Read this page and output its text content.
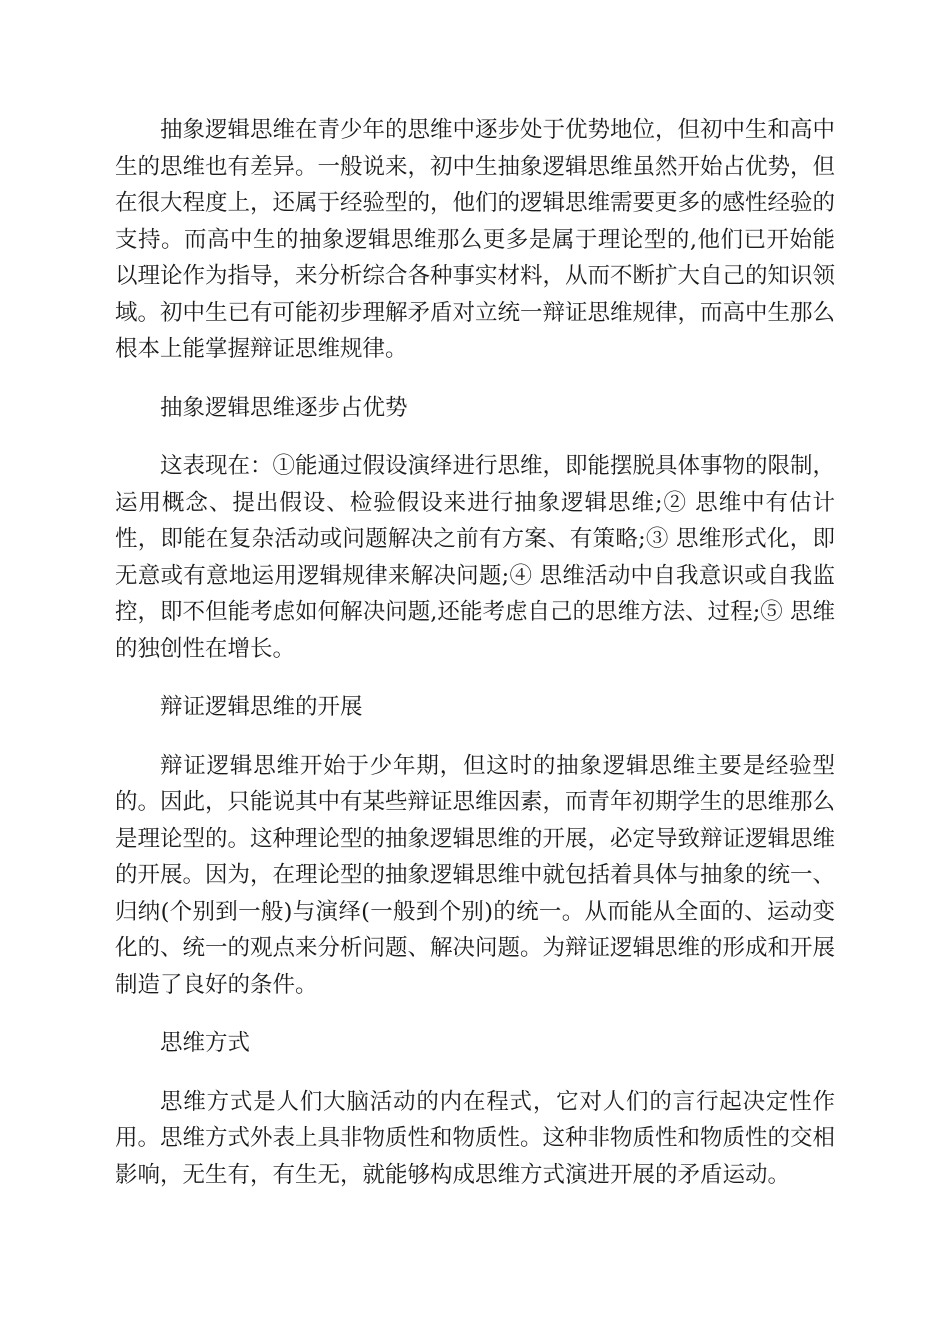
抽象逻辑思维在青少年的思维中逐步处于优势地位，但初中生和高中生的思维也有差异。一般说来，初中生抽象逻辑思维虽然开始占优势，但在很大程度上，还属于经验型的，他们的逻辑思维需要更多的感性经验的支持。而高中生的抽象逻辑思维那么更多是属于理论型的,他们已开始能以理论作为指导，来分析综合各种事实材料，从而不断扩大自己的知识领域。初中生已有可能初步理解矛盾对立统一辩证思维规律，而高中生那么根本上能掌握辩证思维规律。

抽象逻辑思维逐步占优势

这表现在：①能通过假设演绎进行思维，即能摆脱具体事物的限制，运用概念、提出假设、检验假设来进行抽象逻辑思维;② 思维中有估计性，即能在复杂活动或问题解决之前有方案、有策略;③ 思维形式化，即无意或有意地运用逻辑规律来解决问题;④ 思维活动中自我意识或自我监控，即不但能考虑如何解决问题,还能考虑自己的思维方法、过程;⑤ 思维的独创性在增长。

辩证逻辑思维的开展

辩证逻辑思维开始于少年期，但这时的抽象逻辑思维主要是经验型的。因此，只能说其中有某些辩证思维因素，而青年初期学生的思维那么是理论型的。这种理论型的抽象逻辑思维的开展，必定导致辩证逻辑思维的开展。因为，在理论型的抽象逻辑思维中就包括着具体与抽象的统一、归纳(个别到一般)与演绎(一般到个别)的统一。从而能从全面的、运动变化的、统一的观点来分析问题、解决问题。为辩证逻辑思维的形成和开展制造了良好的条件。

思维方式

思维方式是人们大脑活动的内在程式，它对人们的言行起决定性作用。思维方式外表上具非物质性和物质性。这种非物质性和物质性的交相影响，无生有，有生无，就能够构成思维方式演进开展的矛盾运动。
